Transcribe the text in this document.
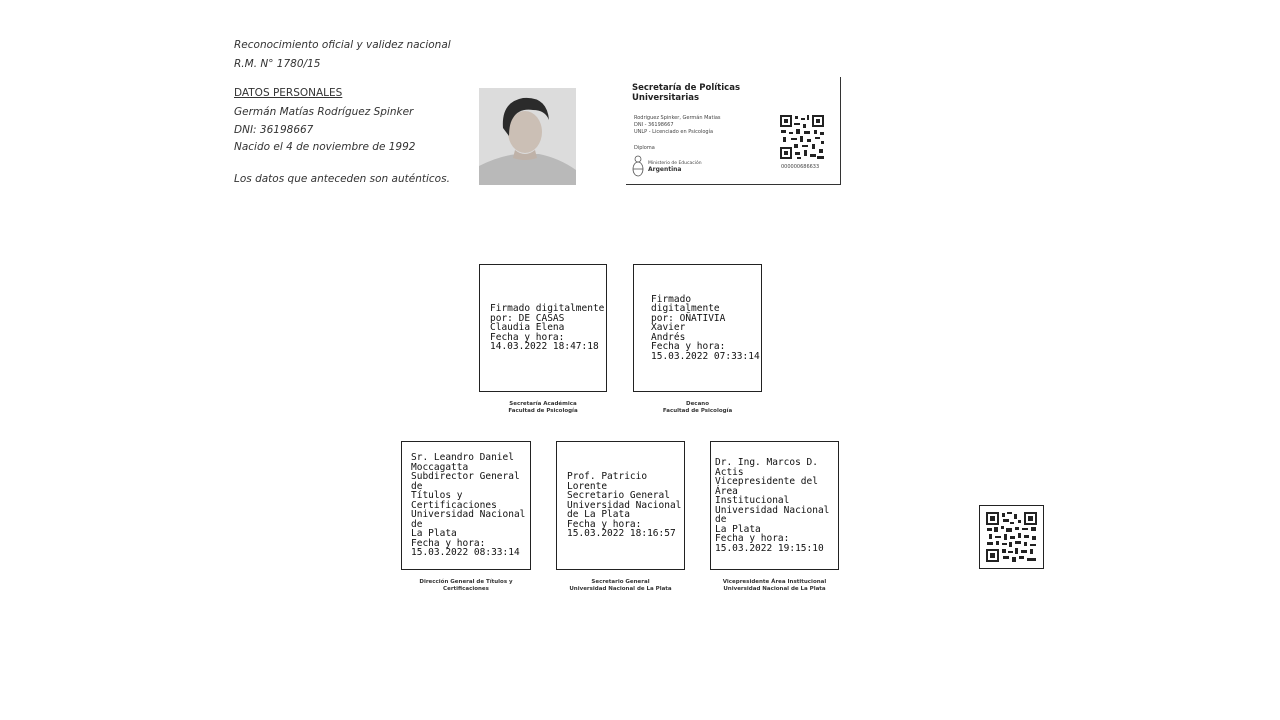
Reconocimiento oficial y validez nacional
R.M. N° 1780/15
DATOS PERSONALES
Germán Matías Rodríguez Spinker
DNI: 36198667
Nacido el 4 de noviembre de 1992
Los datos que anteceden son auténticos.
Secretaría de Políticas Universitarias
Rodriguez Spinker, Germán Matias
DNI - 36198667
UNLP - Licenciado en Psicología
Diploma
Ministerio de Educación
Argentina	000000686633
Firmado digitalmente
por: DE CASAS
Claudia Elena
Fecha y hora:
14.03.2022 18:47:18
Secretaría Académica
Facultad de Psicología
Firmado digitalmente
por: OÑATIVIA Xavier
Andrés
Fecha y hora:
15.03.2022 07:33:14
Decano
Facultad de Psicología
Sr. Leandro Daniel
Moccagatta
Subdirector General de
Títulos y Certificaciones
Universidad Nacional de
La Plata
Fecha y hora:
15.03.2022 08:33:14
Dirección General de Títulos y
Certificaciones
Prof. Patricio Lorente
Secretario General
Universidad Nacional
de La Plata
Fecha y hora:
15.03.2022 18:16:57
Secretario General
Universidad Nacional de La Plata
Dr. Ing. Marcos D. Actis
Vicepresidente del Área
Institucional
Universidad Nacional de
La Plata
Fecha y hora:
15.03.2022 19:15:10
Vicepresidente Área Institucional
Universidad Nacional de La Plata
